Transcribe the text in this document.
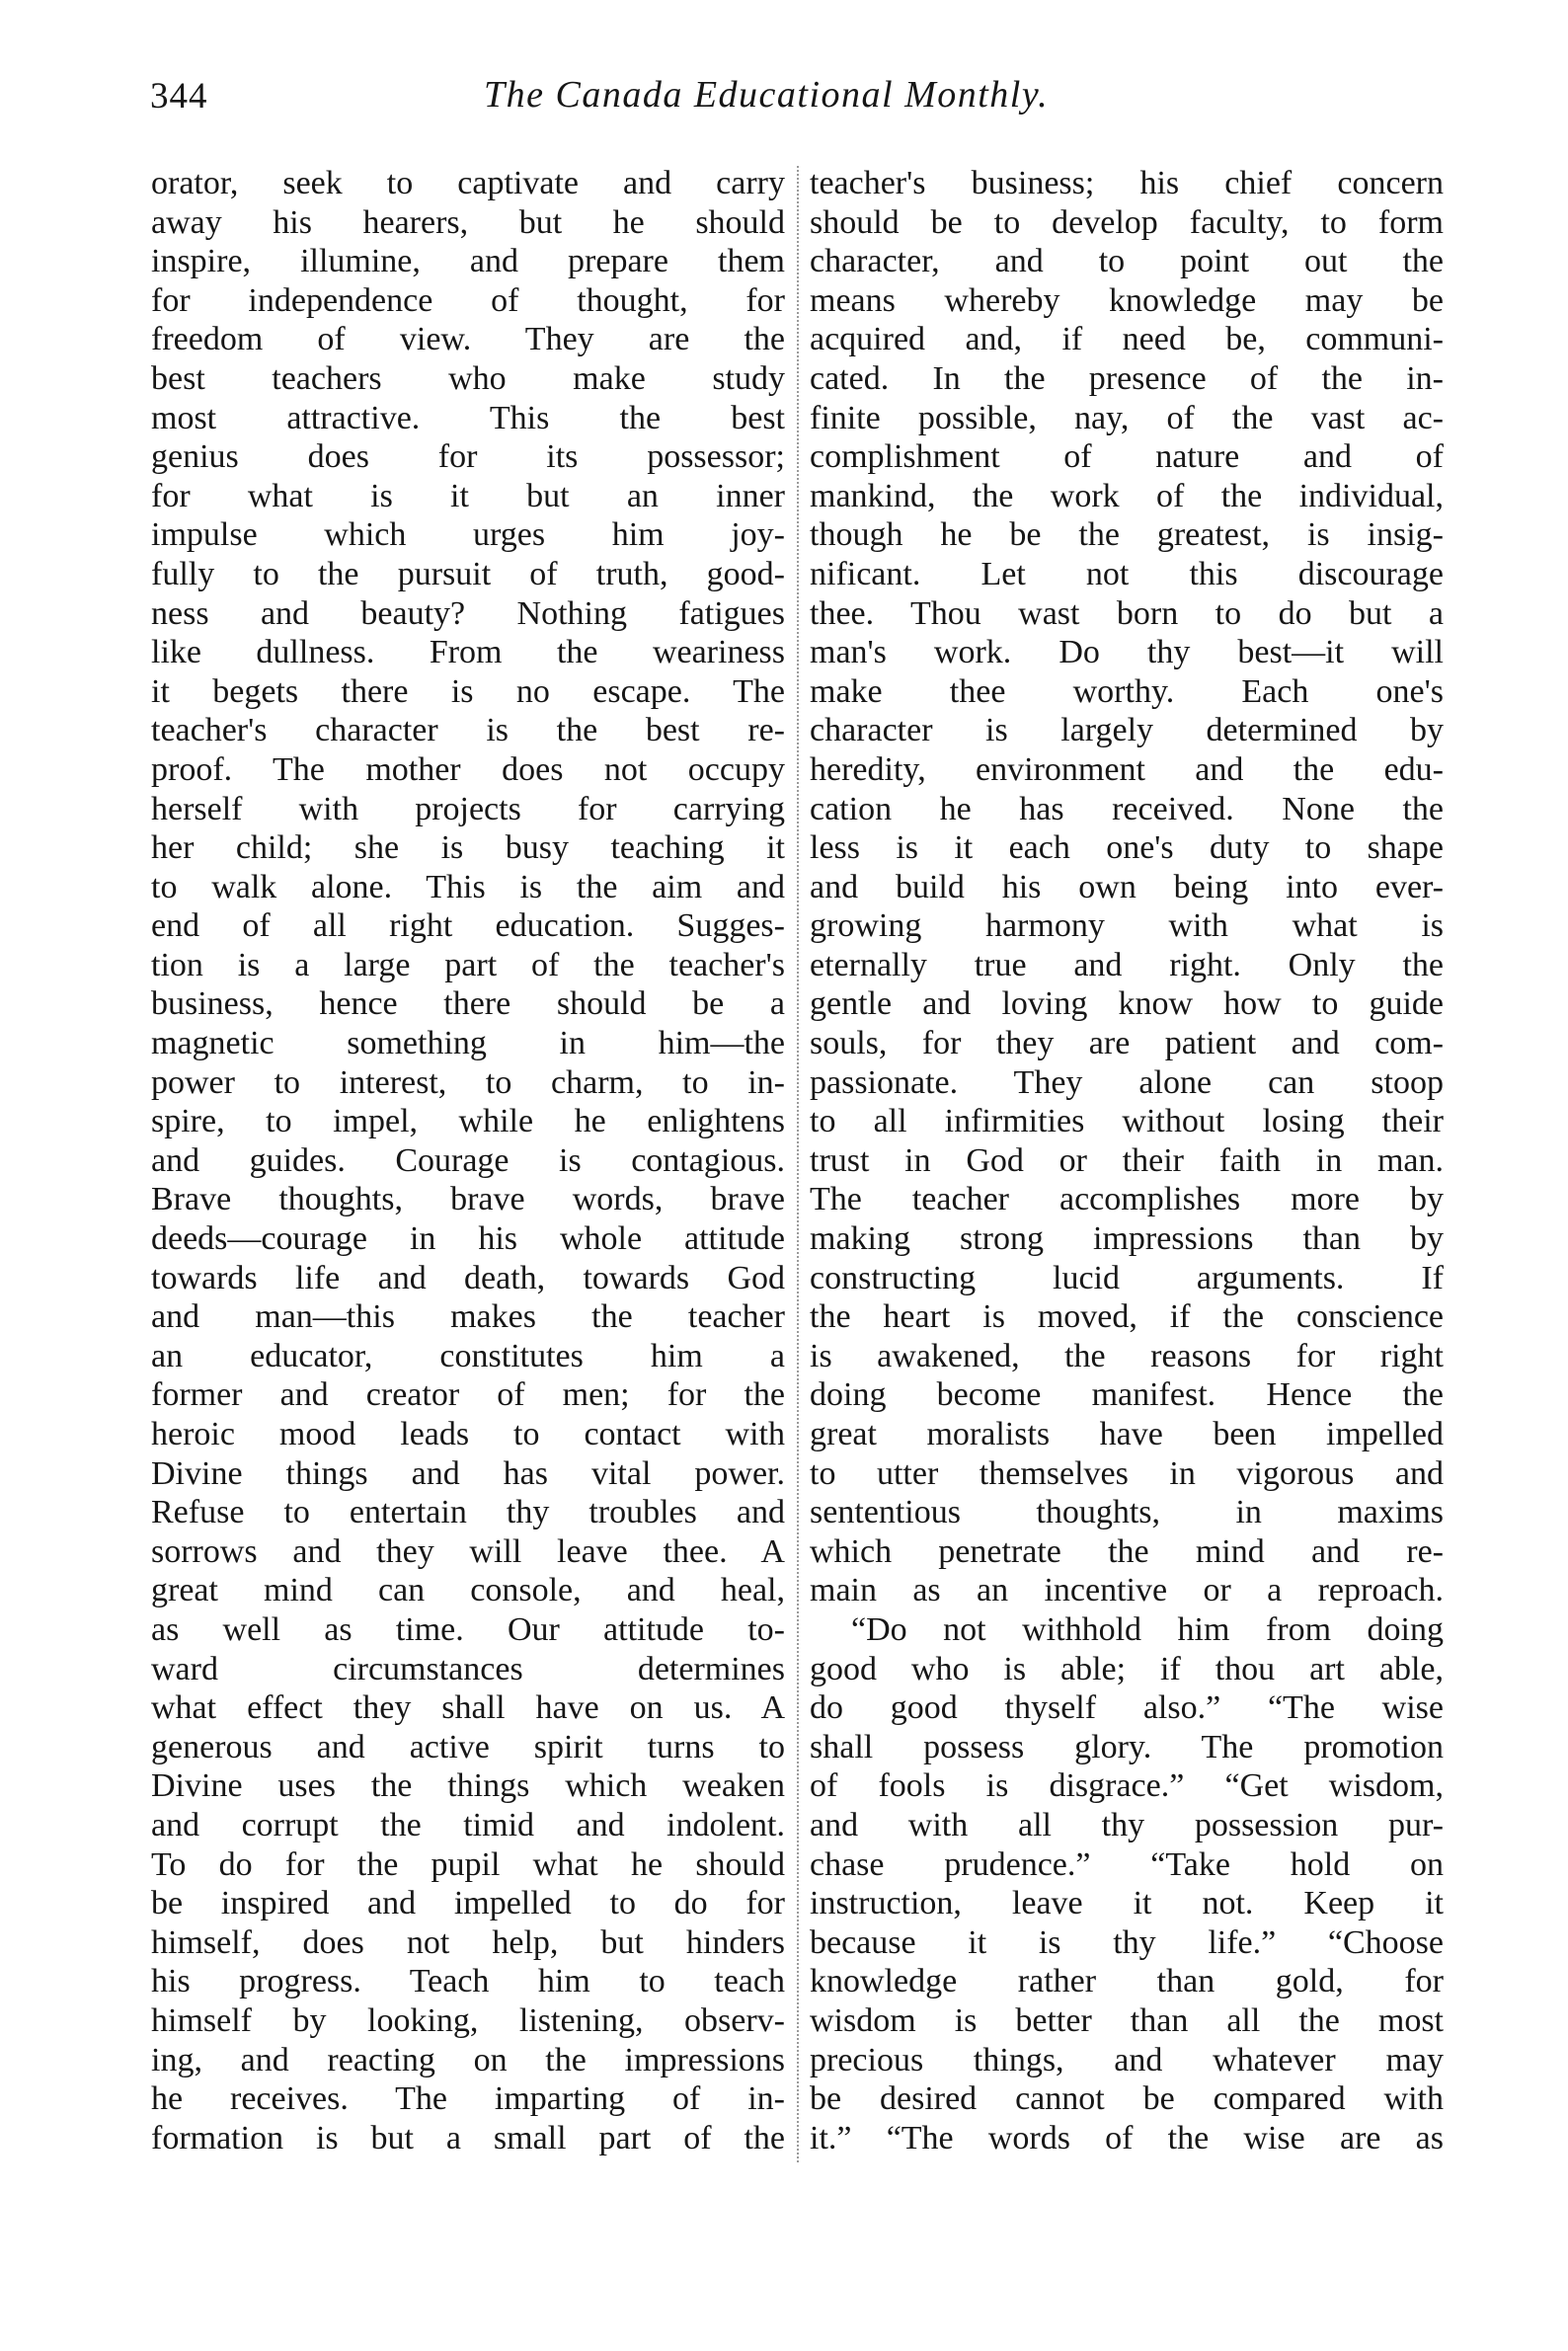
344	The Canada Educational Monthly.
orator, seek to captivate and carry
away his hearers, but he should
inspire, illumine, and prepare them
for independence of thought, for
freedom of view. They are the
best teachers who make study
most attractive. This the best
genius does for its possessor;
for what is it but an inner
impulse which urges him joy-
fully to the pursuit of truth, good-
ness and beauty? Nothing fatigues
like dullness. From the weariness
it begets there is no escape. The
teacher's character is the best re-
proof. The mother does not occupy
herself with projects for carrying
her child; she is busy teaching it
to walk alone. This is the aim and
end of all right education. Sugges-
tion is a large part of the teacher's
business, hence there should be a
magnetic something in him—the
power to interest, to charm, to in-
spire, to impel, while he enlightens
and guides. Courage is contagious.
Brave thoughts, brave words, brave
deeds—courage in his whole attitude
towards life and death, towards God
and man—this makes the teacher
an educator, constitutes him a
former and creator of men; for the
heroic mood leads to contact with
Divine things and has vital power.
Refuse to entertain thy troubles and
sorrows and they will leave thee. A
great mind can console, and heal,
as well as time. Our attitude to-
ward circumstances determines
what effect they shall have on us. A
generous and active spirit turns to
Divine uses the things which weaken
and corrupt the timid and indolent.
To do for the pupil what he should
be inspired and impelled to do for
himself, does not help, but hinders
his progress. Teach him to teach
himself by looking, listening, observ-
ing, and reacting on the impressions
he receives. The imparting of in-
formation is but a small part of the
teacher's business; his chief concern
should be to develop faculty, to form
character, and to point out the
means whereby knowledge may be
acquired and, if need be, communi-
cated. In the presence of the in-
finite possible, nay, of the vast ac-
complishment of nature and of
mankind, the work of the individual,
though he be the greatest, is insig-
nificant. Let not this discourage
thee. Thou wast born to do but a
man's work. Do thy best—it will
make thee worthy. Each one's
character is largely determined by
heredity, environment and the edu-
cation he has received. None the
less is it each one's duty to shape
and build his own being into ever-
growing harmony with what is
eternally true and right. Only the
gentle and loving know how to guide
souls, for they are patient and com-
passionate. They alone can stoop
to all infirmities without losing their
trust in God or their faith in man.
The teacher accomplishes more by
making strong impressions than by
constructing lucid arguments. If
the heart is moved, if the conscience
is awakened, the reasons for right
doing become manifest. Hence the
great moralists have been impelled
to utter themselves in vigorous and
sententious thoughts, in maxims
which penetrate the mind and re-
main as an incentive or a reproach.
“Do not withhold him from doing
good who is able; if thou art able,
do good thyself also.” “The wise
shall possess glory. The promotion
of fools is disgrace.” “Get wisdom,
and with all thy possession pur-
chase prudence.” “Take hold on
instruction, leave it not. Keep it
because it is thy life.” “Choose
knowledge rather than gold, for
wisdom is better than all the most
precious things, and whatever may
be desired cannot be compared with
it.” “The words of the wise are as
